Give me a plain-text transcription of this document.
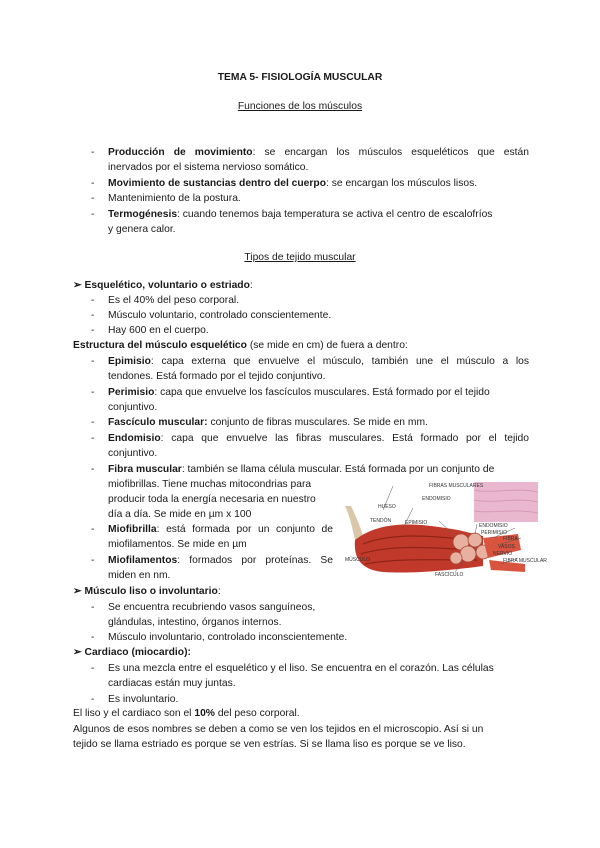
TEMA 5- FISIOLOGÍA MUSCULAR
Funciones de los músculos
- Producción de movimiento: se encargan los músculos esqueléticos que están
inervados por el sistema nervioso somático.
- Movimiento de sustancias dentro del cuerpo: se encargan los músculos lisos.
- Mantenimiento de la postura.
- Termogénesis: cuando tenemos baja temperatura se activa el centro de escalofríos
y genera calor.
Tipos de tejido muscular
➢ Esquelético, voluntario o estriado:
- Es el 40% del peso corporal.
- Músculo voluntario, controlado conscientemente.
- Hay 600 en el cuerpo.
Estructura del músculo esquelético (se mide en cm) de fuera a dentro:
- Epimisio: capa externa que envuelve el músculo, también une el músculo a los
tendones. Está formado por el tejido conjuntivo.
- Perimisio: capa que envuelve los fascículos musculares. Está formado por el tejido
conjuntivo.
- Fascículo muscular: conjunto de fibras musculares. Se mide en mm.
- Endomisio: capa que envuelve las fibras musculares. Está formado por el tejido
conjuntivo.
- Fibra muscular: también se llama célula muscular. Está formada por un conjunto de
miofibrillas. Tiene muchas mitocondrias para
producir toda la energía necesaria en nuestro
día a día. Se mide en µm x 100
- Miofibrilla: está formada por un conjunto de
miofilamentos. Se mide en µm
- Miofilamentos: formados por proteínas. Se
miden en nm.
FIBRAS MUSCULARES
ENDOMISIO
HUESO
TENDÓN	EPIMISIO	ENDOMISIO
PERIMISIO
FIBRA
VASOS
NERVIO
FIBRA MUSCULAR
MÚSCULO
FASCÍCULO
➢ Músculo liso o involuntario:
- Se encuentra recubriendo vasos sanguíneos,
glándulas, intestino, órganos internos.
- Músculo involuntario, controlado inconscientemente.
➢ Cardiaco (miocardio):
- Es una mezcla entre el esquelético y el liso. Se encuentra en el corazón. Las células
cardiacas están muy juntas.
- Es involuntario.
El liso y el cardiaco son el 10% del peso corporal.
Algunos de esos nombres se deben a como se ven los tejidos en el microscopio. Así si un
tejido se llama estriado es porque se ven estrías. Si se llama liso es porque se ve liso.
